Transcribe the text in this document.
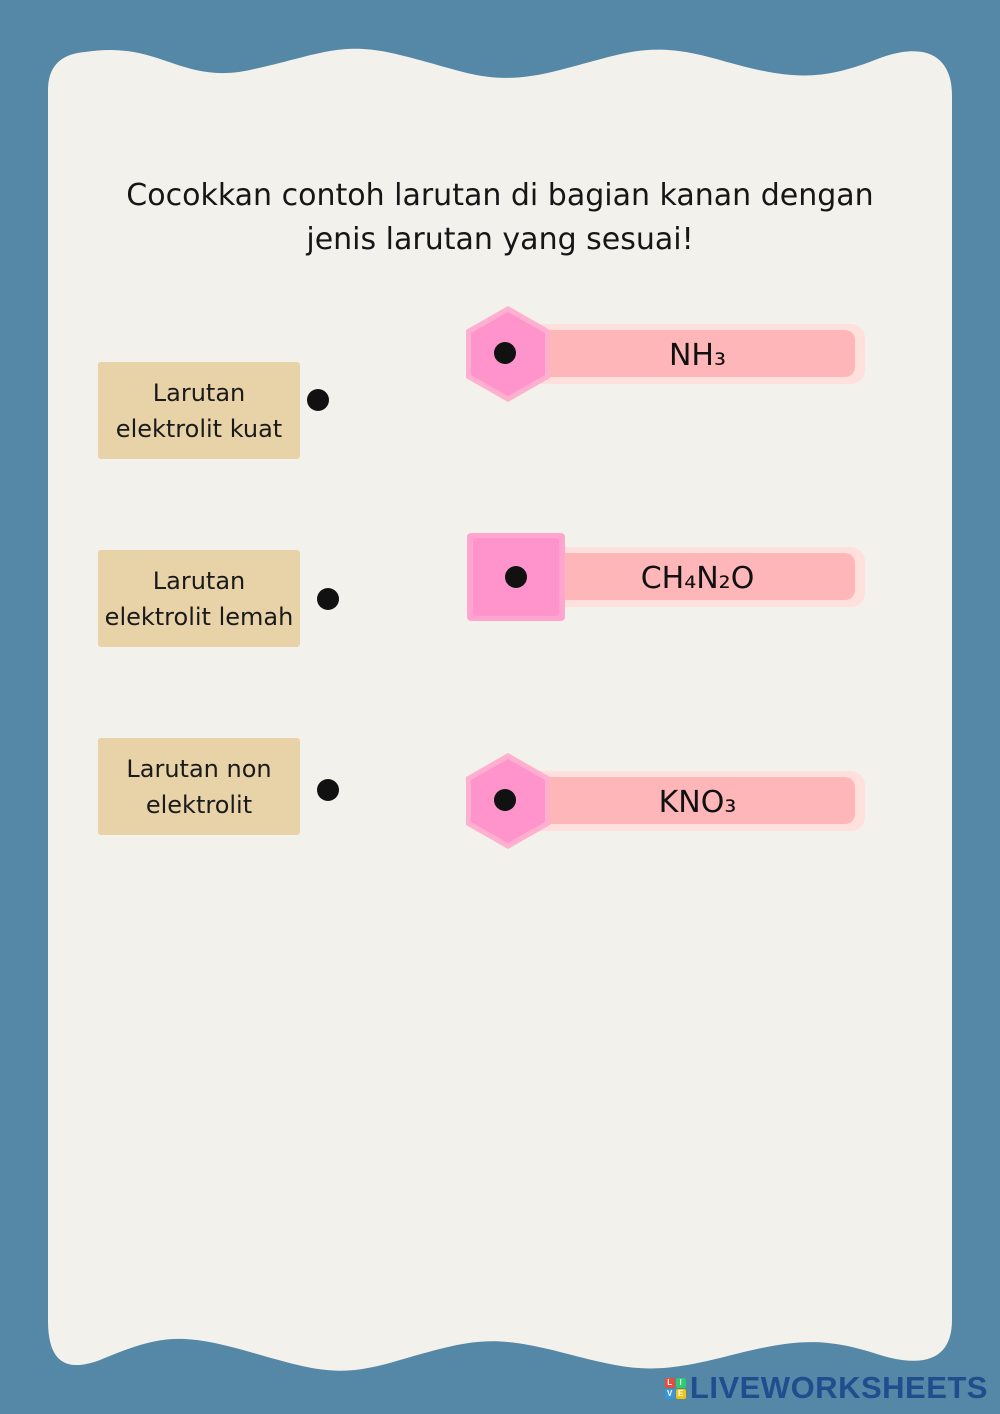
Cocokkan contoh larutan di bagian kanan dengan jenis larutan yang sesuai!
Larutan elektrolit kuat
Larutan elektrolit lemah
Larutan non elektrolit
NH₃
CH₄N₂O
KNO₃
L I
V E LIVEWORKSHEETS
